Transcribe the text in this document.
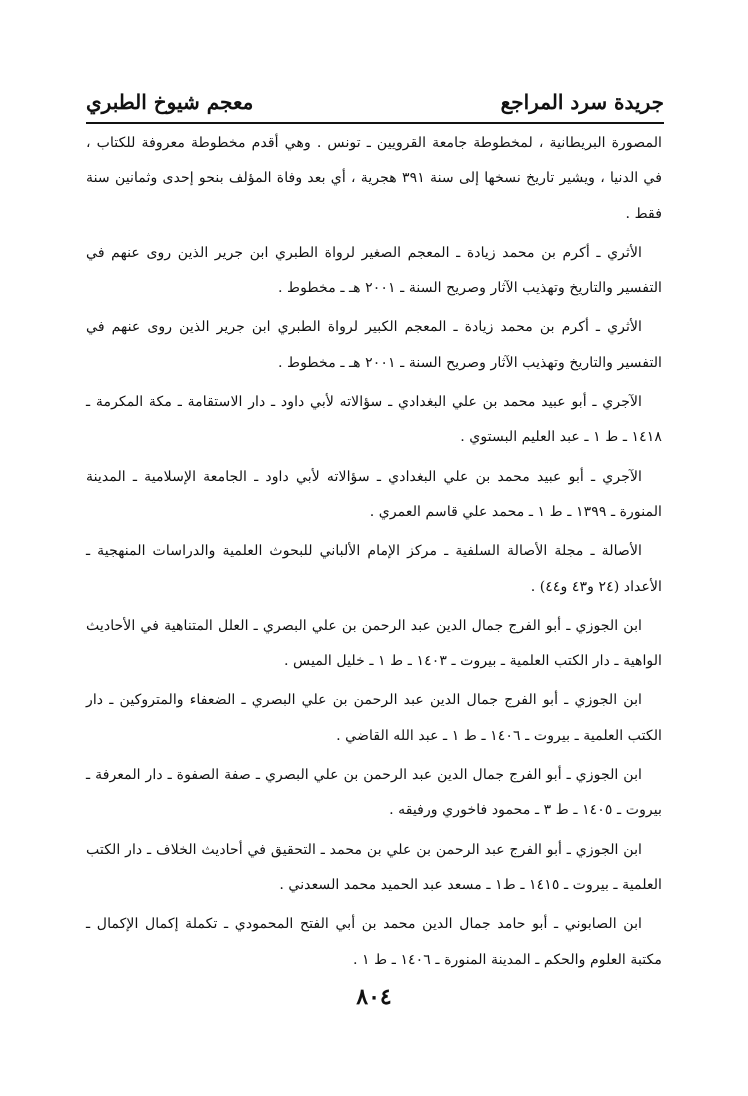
جريدة سرد المراجع
معجم شيوخ الطبري

المصورة البريطانية ، لمخطوطة جامعة القرويين ـ تونس . وهي أقدم مخطوطة معروفة للكتاب ، في الدنيا ، ويشير تاريخ نسخها إلى سنة ٣٩١ هجرية ، أي بعد وفاة المؤلف بنحو إحدى وثمانين سنة فقط .

الأثري ـ أكرم بن محمد زيادة ـ المعجم الصغير لرواة الطبري ابن جرير الذين روى عنهم في التفسير والتاريخ وتهذيب الآثار وصريح السنة ـ ٢٠٠١ هـ ـ مخطوط .

الأثري ـ أكرم بن محمد زيادة ـ المعجم الكبير لرواة الطبري ابن جرير الذين روى عنهم في التفسير والتاريخ وتهذيب الآثار وصريح السنة ـ ٢٠٠١ هـ ـ مخطوط .

الآجري ـ أبو عبيد محمد بن علي البغدادي ـ سؤالاته لأبي داود ـ دار الاستقامة ـ مكة المكرمة ـ ١٤١٨ ـ ط ١ ـ عبد العليم البستوي .

الآجري ـ أبو عبيد محمد بن علي البغدادي ـ سؤالاته لأبي داود ـ الجامعة الإسلامية ـ المدينة المنورة ـ ١٣٩٩ ـ ط ١ ـ محمد علي قاسم العمري .

الأصالة ـ مجلة الأصالة السلفية ـ مركز الإمام الألباني للبحوث العلمية والدراسات المنهجية ـ الأعداد (٢٤ و٤٣ و٤٤) .

ابن الجوزي ـ أبو الفرج جمال الدين عبد الرحمن بن علي البصري ـ العلل المتناهية في الأحاديث الواهية ـ دار الكتب العلمية ـ بيروت ـ ١٤٠٣ ـ ط ١ ـ خليل الميس .

ابن الجوزي ـ أبو الفرج جمال الدين عبد الرحمن بن علي البصري ـ الضعفاء والمتروكين ـ دار الكتب العلمية ـ بيروت ـ ١٤٠٦ ـ ط ١ ـ عبد الله القاضي .

ابن الجوزي ـ أبو الفرج جمال الدين عبد الرحمن بن علي البصري ـ صفة الصفوة ـ دار المعرفة ـ بيروت ـ ١٤٠٥ ـ ط ٣ ـ محمود فاخوري ورفيقه .

ابن الجوزي ـ أبو الفرج عبد الرحمن بن علي بن محمد ـ التحقيق في أحاديث الخلاف ـ دار الكتب العلمية ـ بيروت ـ ١٤١٥ ـ ط١ ـ مسعد عبد الحميد محمد السعدني .

ابن الصابوني ـ أبو حامد جمال الدين محمد بن أبي الفتح المحمودي ـ تكملة إكمال الإكمال ـ مكتبة العلوم والحكم ـ المدينة المنورة ـ ١٤٠٦ ـ ط ١ .

٨٠٤
